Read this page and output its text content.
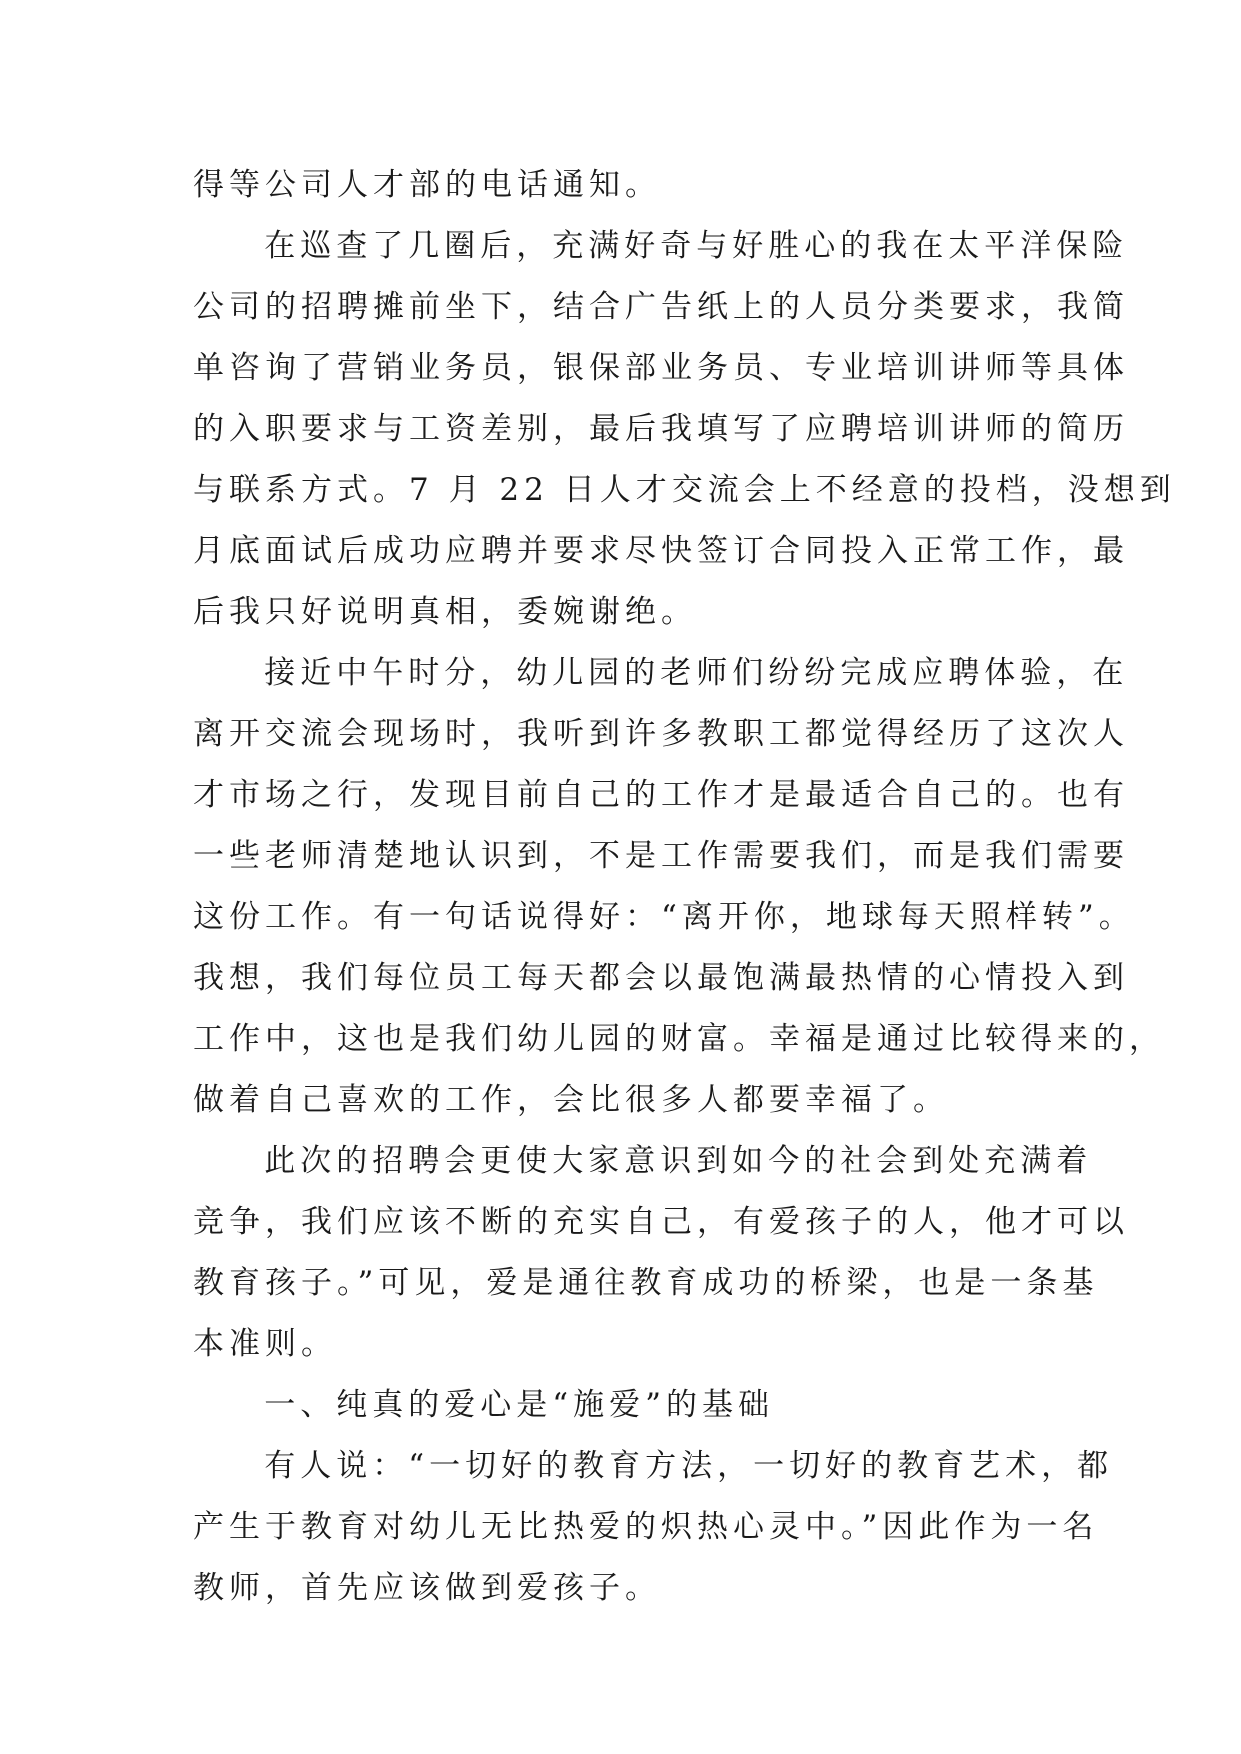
得等公司人才部的电话通知。

在巡查了几圈后，充满好奇与好胜心的我在太平洋保险
公司的招聘摊前坐下，结合广告纸上的人员分类要求，我简
单咨询了营销业务员，银保部业务员、专业培训讲师等具体
的入职要求与工资差别，最后我填写了应聘培训讲师的简历
与联系方式。7 月 22 日人才交流会上不经意的投档，没想到
月底面试后成功应聘并要求尽快签订合同投入正常工作，最
后我只好说明真相，委婉谢绝。

接近中午时分，幼儿园的老师们纷纷完成应聘体验，在
离开交流会现场时，我听到许多教职工都觉得经历了这次人
才市场之行，发现目前自己的工作才是最适合自己的。也有
一些老师清楚地认识到，不是工作需要我们，而是我们需要
这份工作。有一句话说得好：“离开你，地球每天照样转”。
我想，我们每位员工每天都会以最饱满最热情的心情投入到
工作中，这也是我们幼儿园的财富。幸福是通过比较得来的，
做着自己喜欢的工作，会比很多人都要幸福了。

此次的招聘会更使大家意识到如今的社会到处充满着
竞争，我们应该不断的充实自己，有爱孩子的人，他才可以
教育孩子。”可见，爱是通往教育成功的桥梁，也是一条基
本准则。

一、纯真的爱心是“施爱”的基础

有人说：“一切好的教育方法，一切好的教育艺术，都
产生于教育对幼儿无比热爱的炽热心灵中。”因此作为一名
教师，首先应该做到爱孩子。
